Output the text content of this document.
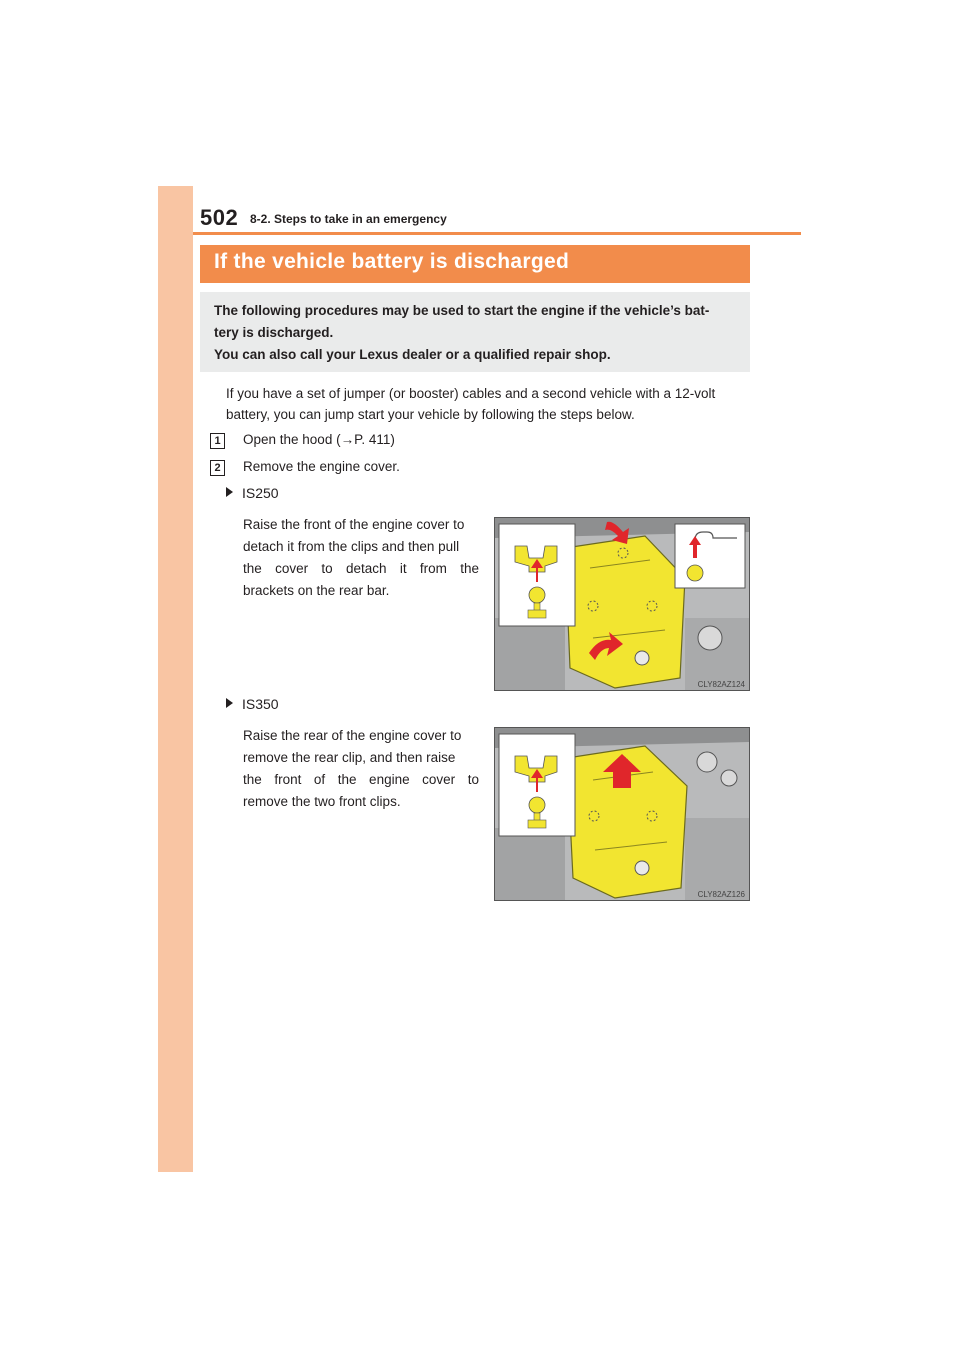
502 8-2. Steps to take in an emergency
If the vehicle battery is discharged

The following procedures may be used to start the engine if the vehicle’s bat-

tery is discharged.

You can also call your Lexus dealer or a qualified repair shop.

If you have a set of jumper (or booster) cables and a second vehicle with a 12-volt

battery, you can jump start your vehicle by following the steps below.

1	Open the hood (→P. 411)
2	Remove the engine cover.
IS250
Raise the front of the engine cover to
detach it from the clips and then pull
the cover to detach it from the
brackets on the rear bar.
CLY82AZ124
IS350
Raise the rear of the engine cover to
remove the rear clip, and then raise
the front of the engine cover to
remove the two front clips.
CLY82AZ126
